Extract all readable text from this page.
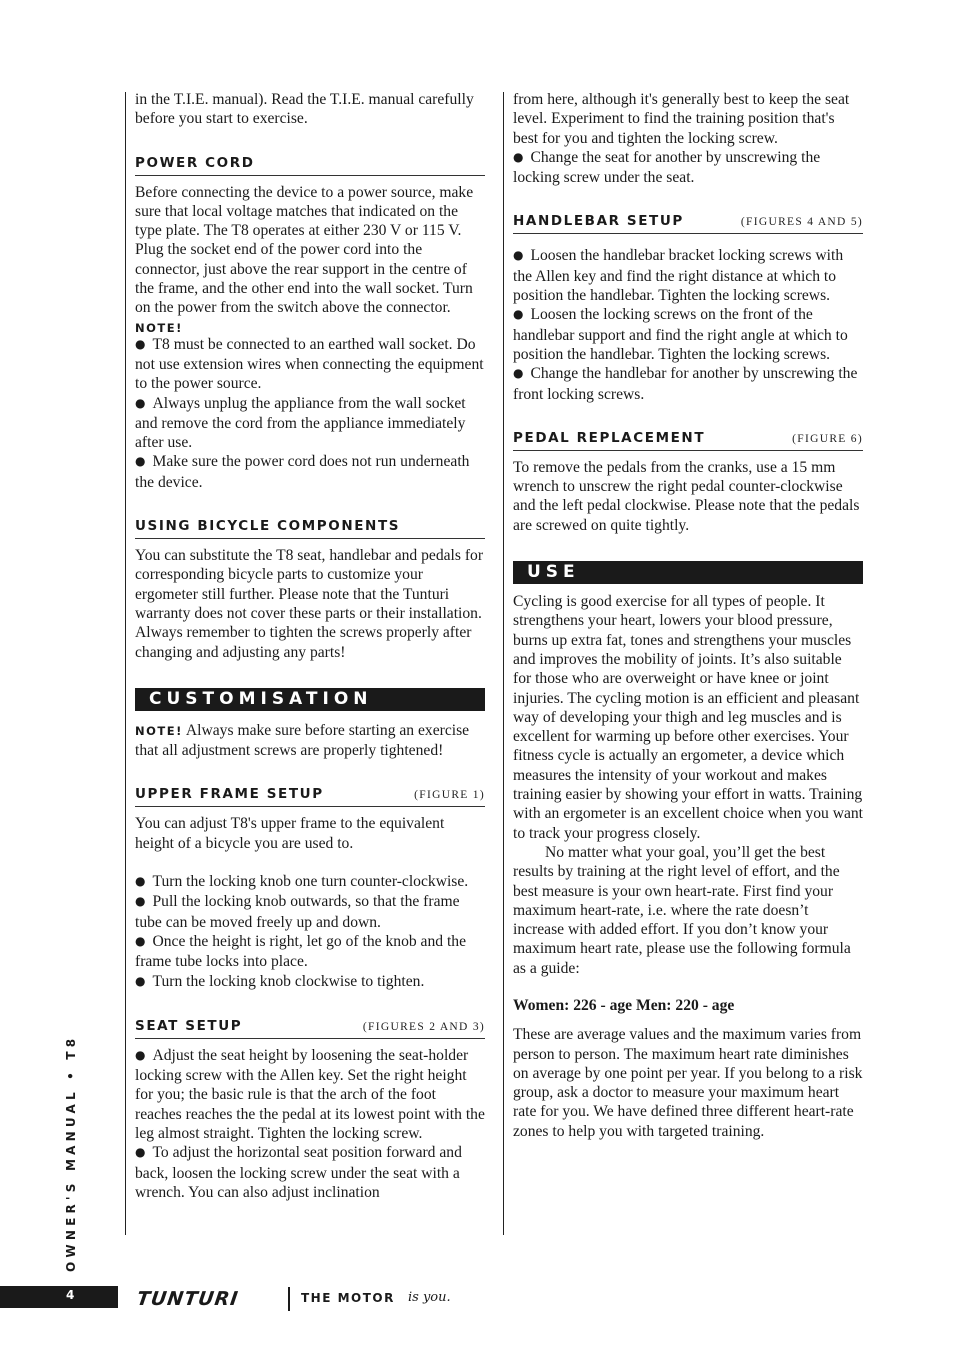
in the T.I.E. manual). Read the T.I.E. manual carefully before you start to exercise.

POWER CORD

Before connecting the device to a power source, make sure that local voltage matches that indicated on the type plate. The T8 operates at either 230 V or 115 V. Plug the socket end of the power cord into the connector, just above the rear support in the centre of the frame, and the other end into the wall socket. Turn on the power from the switch above the connector.

NOTE!
● T8 must be connected to an earthed wall socket. Do not use extension wires when connecting the equipment to the power source.
● Always unplug the appliance from the wall socket and remove the cord from the appliance immediately after use.
● Make sure the power cord does not run underneath the device.
USING BICYCLE COMPONENTS

You can substitute the T8 seat, handlebar and pedals for corresponding bicycle parts to customize your ergometer still further. Please note that the Tunturi warranty does not cover these parts or their installation. Always remember to tighten the screws properly after changing and adjusting any parts!

CUSTOMISATION

NOTE! Always make sure before starting an exercise that all adjustment screws are properly tightened!

UPPER FRAME SETUP	(FIGURE 1)

You can adjust T8's upper frame to the equivalent height of a bicycle you are used to.

● Turn the locking knob one turn counter-clockwise.
● Pull the locking knob outwards, so that the frame tube can be moved freely up and down.
● Once the height is right, let go of the knob and the frame tube locks into place.
● Turn the locking knob clockwise to tighten.
SEAT SETUP	(FIGURES 2 AND 3)
● Adjust the seat height by loosening the seat-holder locking screw with the Allen key. Set the right height for you; the basic rule is that the arch of the foot reaches reaches the the pedal at its lowest point with the leg almost straight. Tighten the locking screw.
● To adjust the horizontal seat position forward and back, loosen the locking screw under the seat with a wrench. You can also adjust inclination

from here, although it's generally best to keep the seat level. Experiment to find the training position that's best for you and tighten the locking screw.

● Change the seat for another by unscrewing the locking screw under the seat.
HANDLEBAR SETUP	(FIGURES 4 AND 5)
● Loosen the handlebar bracket locking screws with the Allen key and find the right distance at which to position the handlebar. Tighten the locking screws.
● Loosen the locking screws on the front of the handlebar support and find the right angle at which to position the handlebar. Tighten the locking screws.
● Change the handlebar for another by unscrewing the front locking screws.
PEDAL REPLACEMENT	(FIGURE 6)

To remove the pedals from the cranks, use a 15 mm wrench to unscrew the right pedal counter-clockwise and the left pedal clockwise. Please note that the pedals are screwed on quite tightly.

USE

Cycling is good exercise for all types of people. It strengthens your heart, lowers your blood pressure, burns up extra fat, tones and strengthens your muscles and improves the mobility of joints. It’s also suitable for those who are overweight or have knee or joint injuries. The cycling motion is an efficient and pleasant way of developing your thigh and leg muscles and is excellent for warming up before other exercises. Your fitness cycle is actually an ergometer, a device which measures the intensity of your workout and makes training easier by showing your effort in watts. Training with an ergometer is an excellent choice when you want to track your progress closely.

No matter what your goal, you’ll get the best results by training at the right level of effort, and the best measure is your own heart-rate. First find your maximum heart-rate, i.e. where the rate doesn’t increase with added effort. If you don’t know your maximum heart rate, please use the following formula as a guide:

Women: 226 - age Men: 220 - age

These are average values and the maximum varies from person to person. The maximum heart rate diminishes on average by one point per year. If you belong to a risk group, ask a doctor to measure your maximum heart rate for you. We have defined three different heart-rate zones to help you with targeted training.

OWNER'S MANUAL • T8
4	TUNTURI	THE MOTOR is you.
